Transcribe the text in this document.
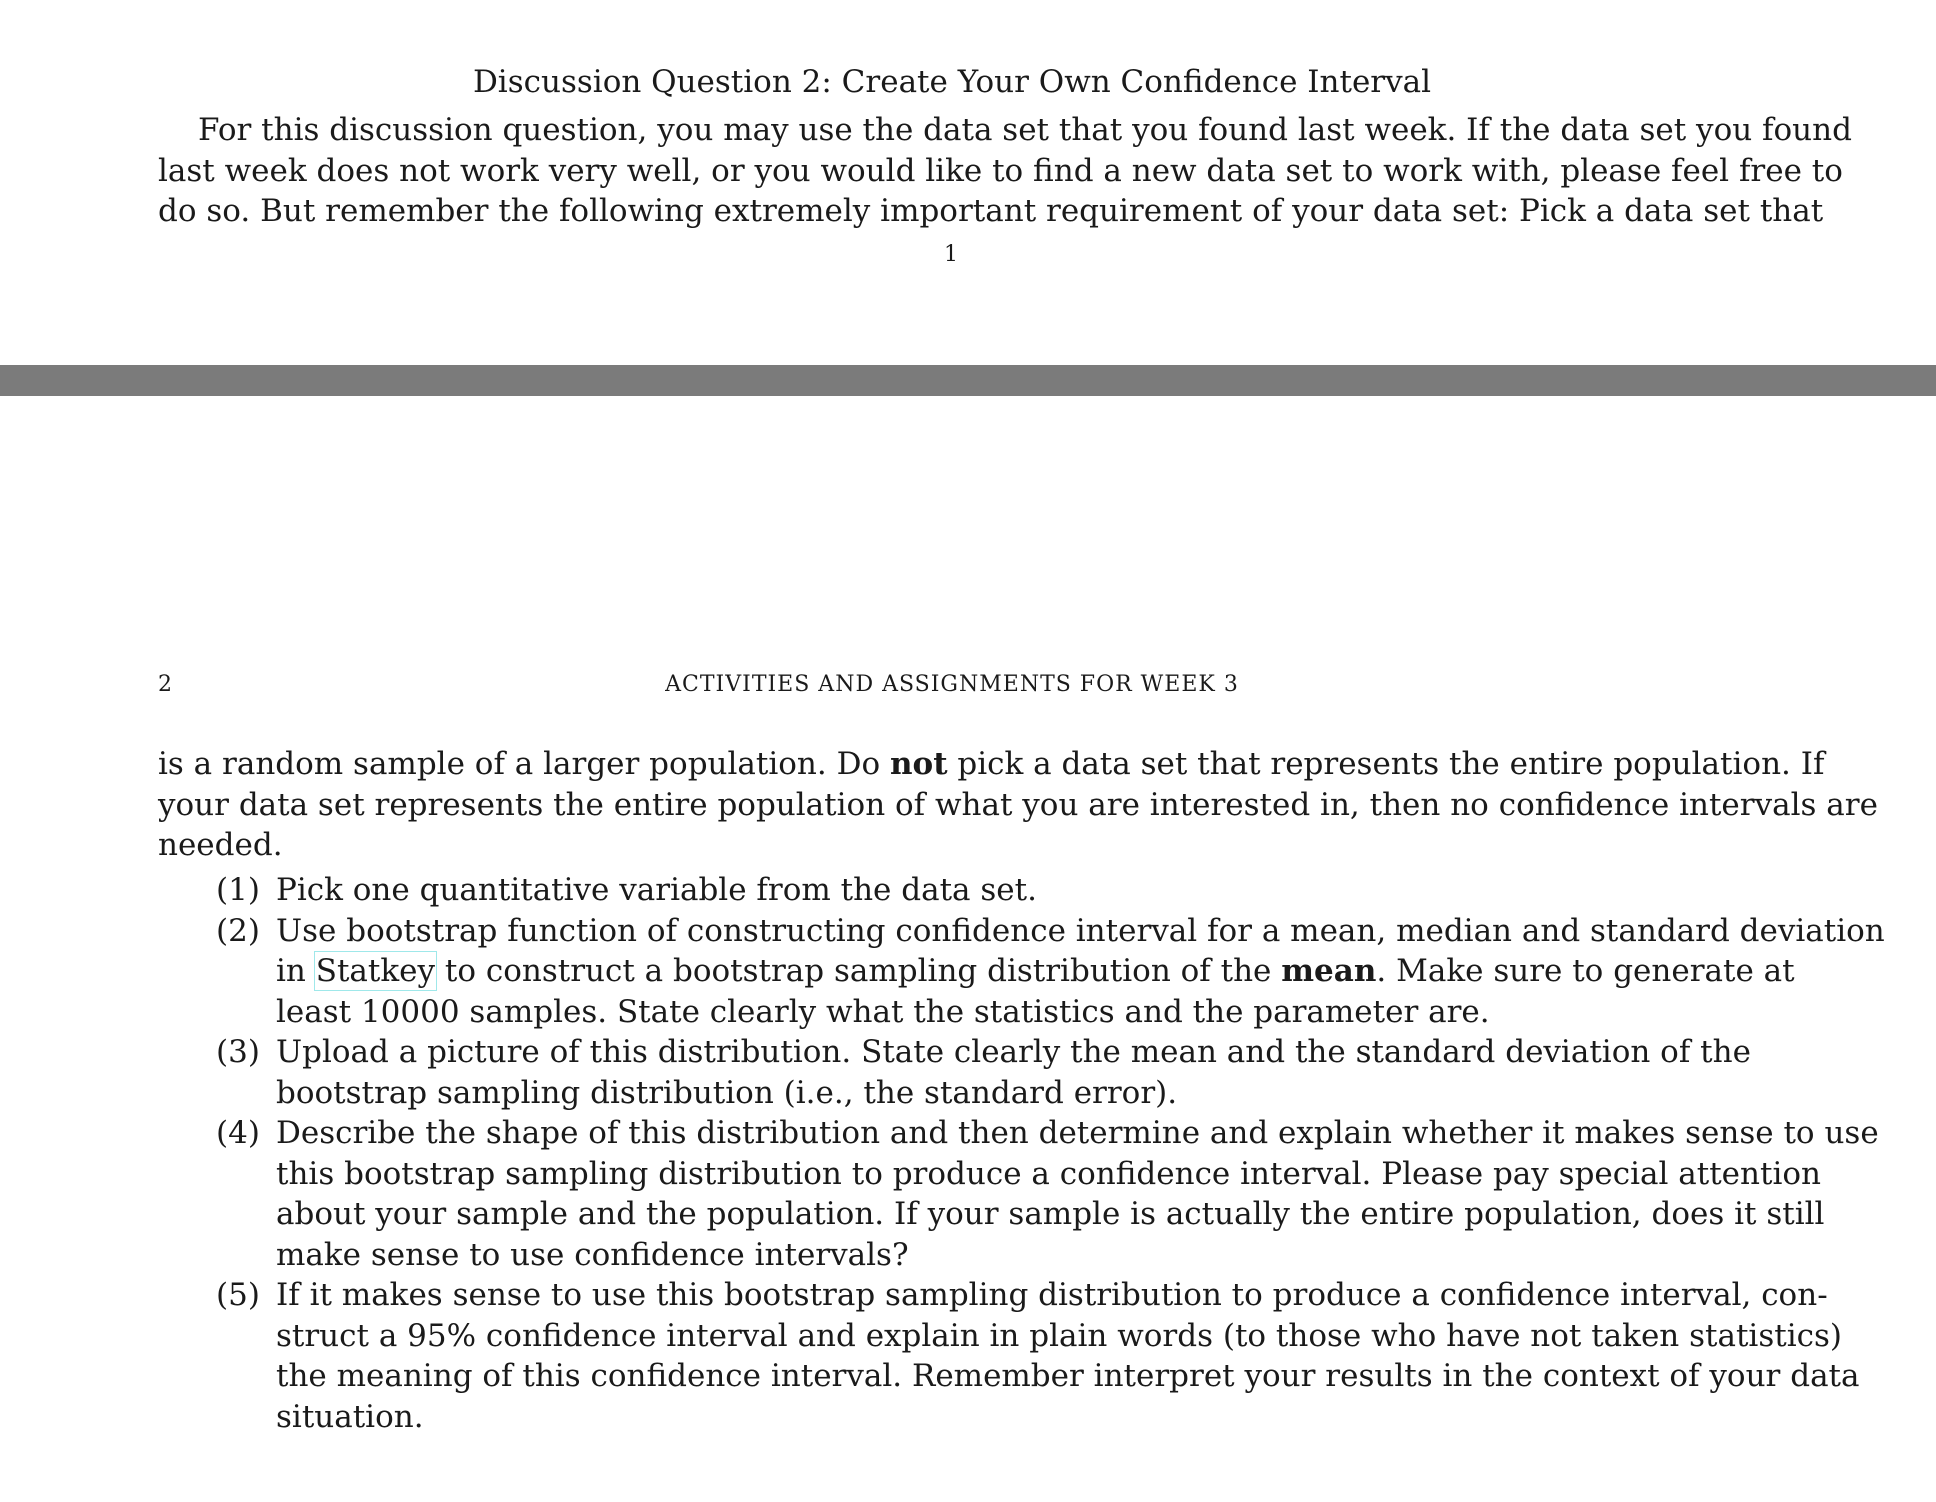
Discussion Question 2: Create Your Own Confidence Interval
For this discussion question, you may use the data set that you found last week. If the data set you found
last week does not work very well, or you would like to find a new data set to work with, please feel free to
do so. But remember the following extremely important requirement of your data set: Pick a data set that
1
2	ACTIVITIES AND ASSIGNMENTS FOR WEEK 3
is a random sample of a larger population. Do not pick a data set that represents the entire population. If
your data set represents the entire population of what you are interested in, then no confidence intervals are
needed.
(1) Pick one quantitative variable from the data set.
(2) Use bootstrap function of constructing confidence interval for a mean, median and standard deviation
in Statkey to construct a bootstrap sampling distribution of the mean. Make sure to generate at
least 10000 samples. State clearly what the statistics and the parameter are.
(3) Upload a picture of this distribution. State clearly the mean and the standard deviation of the
bootstrap sampling distribution (i.e., the standard error).
(4) Describe the shape of this distribution and then determine and explain whether it makes sense to use
this bootstrap sampling distribution to produce a confidence interval. Please pay special attention
about your sample and the population. If your sample is actually the entire population, does it still
make sense to use confidence intervals?
(5) If it makes sense to use this bootstrap sampling distribution to produce a confidence interval, con-
struct a 95% confidence interval and explain in plain words (to those who have not taken statistics)
the meaning of this confidence interval. Remember interpret your results in the context of your data
situation.
